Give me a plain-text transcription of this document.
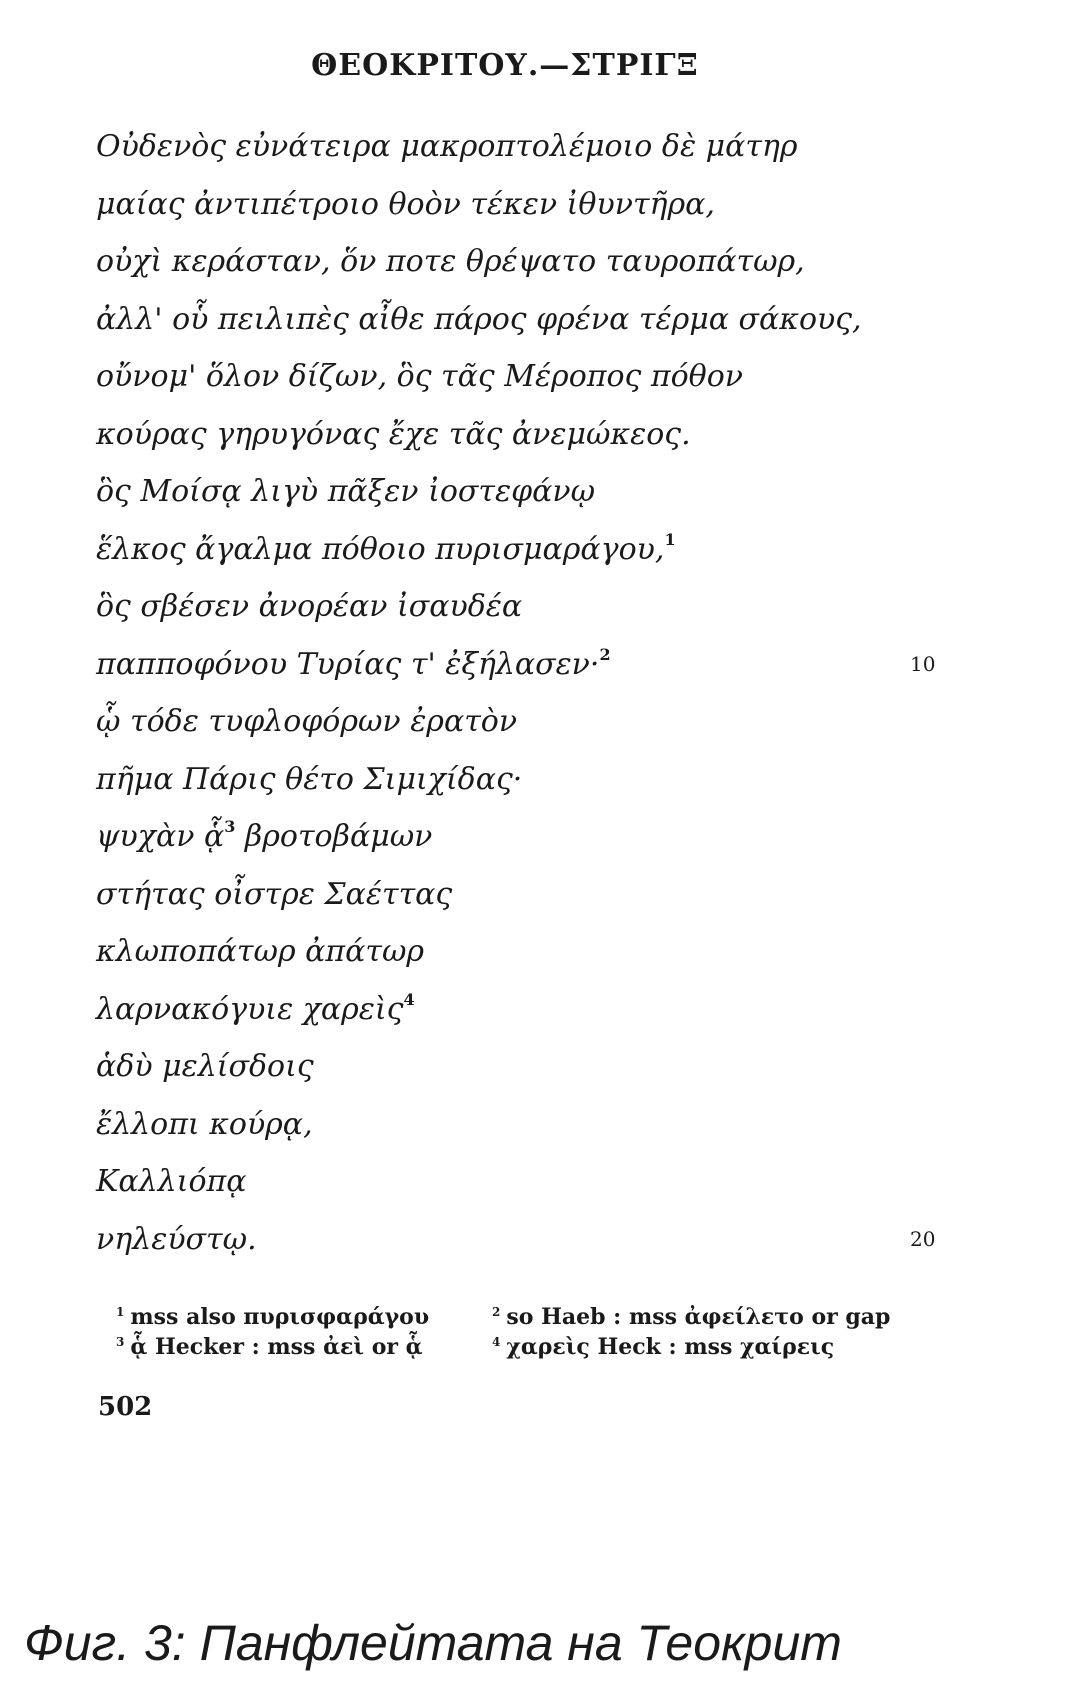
ΘΕΟΚΡΙΤΟΥ.—ΣΤΡΙΓΞ
Οὐδενὸς εὐνάτειρα μακροπτολέμοιο δὲ μάτηρ
μαίας ἀντιπέτροιο θοὸν τέκεν ἰθυντῆρα,
οὐχὶ κεράσταν, ὅν ποτε θρέψατο ταυροπάτωρ,
ἀλλ' οὗ πειλιπὲς αἶθε πάρος φρένα τέρμα σάκους,
οὔνομ' ὅλον δίζων, ὃς τᾶς Μέροπος πόθον
κούρας γηρυγόνας ἔχε τᾶς ἀνεμώκεος.
ὃς Μοίσᾳ λιγὺ πᾶξεν ἰοστεφάνῳ
ἕλκος ἄγαλμα πόθοιο πυρισμαράγου,$^1$
ὃς σβέσεν ἀνορέαν ἰσαυδέα
παπποφόνου Τυρίας τ' ἐξήλασεν·$^2$	10
ᾧ τόδε τυφλοφόρων ἐρατὸν
πῆμα Πάρις θέτο Σιμιχίδας·
ψυχὰν ᾇ$^3$ βροτοβάμων
στήτας οἶστρε Σαέττας
κλωποπάτωρ ἀπάτωρ
λαρνακόγυιε χαρεὶς$^4$
ἁδὺ μελίσδοις
ἔλλοπι κούρᾳ,
Καλλιόπᾳ
νηλεύστῳ.	20
$^1$ mss also πυρισφαράγου	$^2$ so Haeb : mss ἀφείλετο or gap
$^3$ ᾇ Hecker : mss ἀεὶ or ᾇ	$^4$ χαρεὶς Heck : mss χαίρεις
502
Фиг. 3: Панфлейтата на Теокрит
